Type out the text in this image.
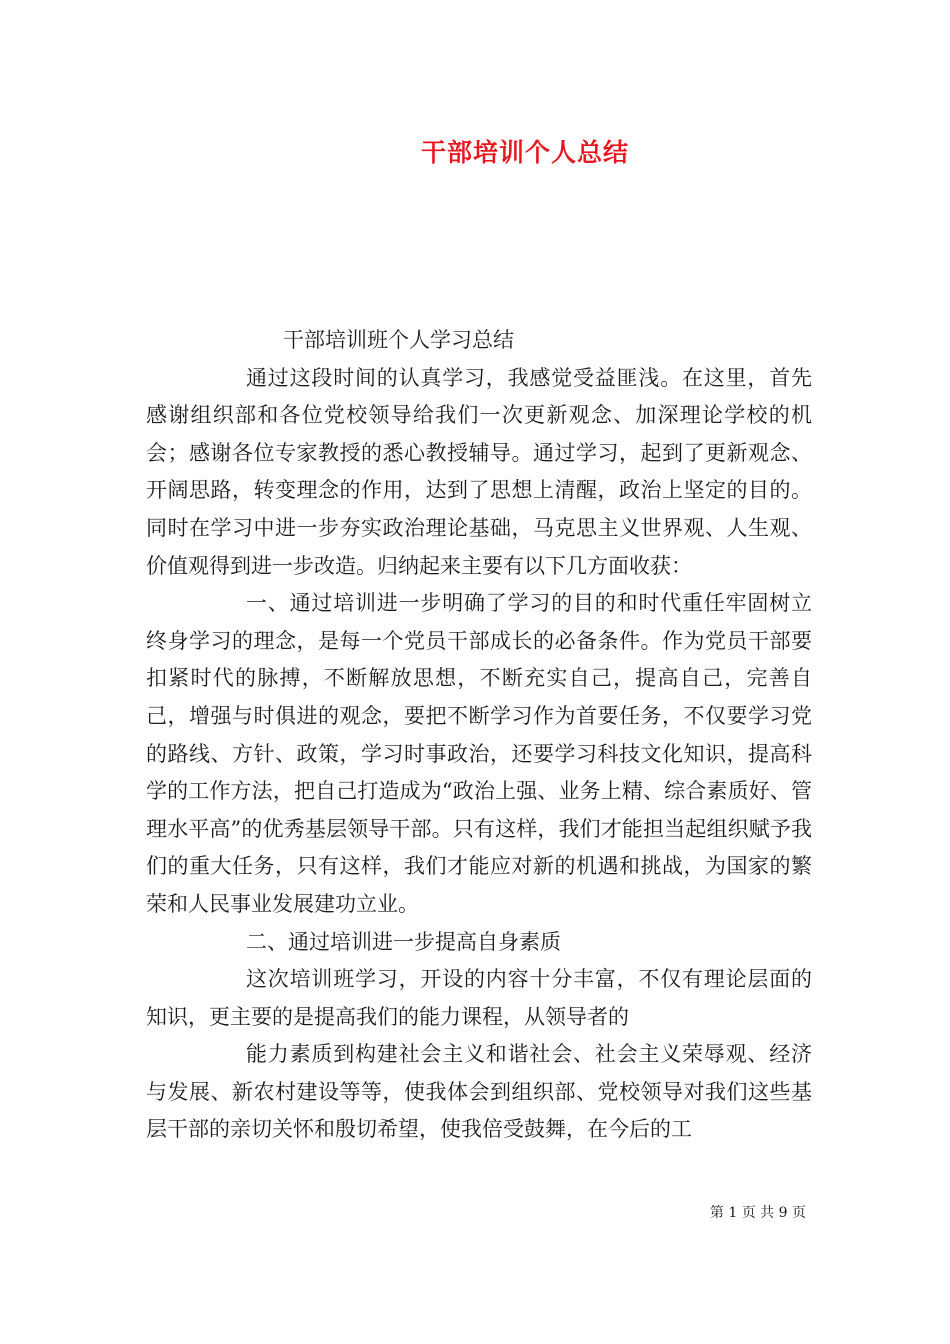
干部培训个人总结

干部培训班个人学习总结

通过这段时间的认真学习，我感觉受益匪浅。在这里，首先感谢组织部和各位党校领导给我们一次更新观念、加深理论学校的机会；感谢各位专家教授的悉心教授辅导。通过学习，起到了更新观念、开阔思路，转变理念的作用，达到了思想上清醒，政治上坚定的目的。同时在学习中进一步夯实政治理论基础，马克思主义世界观、人生观、价值观得到进一步改造。归纳起来主要有以下几方面收获：

一、通过培训进一步明确了学习的目的和时代重任牢固树立终身学习的理念，是每一个党员干部成长的必备条件。作为党员干部要扣紧时代的脉搏，不断解放思想，不断充实自己，提高自己，完善自己，增强与时俱进的观念，要把不断学习作为首要任务，不仅要学习党的路线、方针、政策，学习时事政治，还要学习科技文化知识，提高科学的工作方法，把自己打造成为“政治上强、业务上精、综合素质好、管理水平高”的优秀基层领导干部。只有这样，我们才能担当起组织赋予我们的重大任务，只有这样，我们才能应对新的机遇和挑战，为国家的繁荣和人民事业发展建功立业。

二、通过培训进一步提高自身素质

这次培训班学习，开设的内容十分丰富，不仅有理论层面的知识，更主要的是提高我们的能力课程，从领导者的

能力素质到构建社会主义和谐社会、社会主义荣辱观、经济与发展、新农村建设等等，使我体会到组织部、党校领导对我们这些基层干部的亲切关怀和殷切希望，使我倍受鼓舞，在今后的工

第 1 页 共 9 页
